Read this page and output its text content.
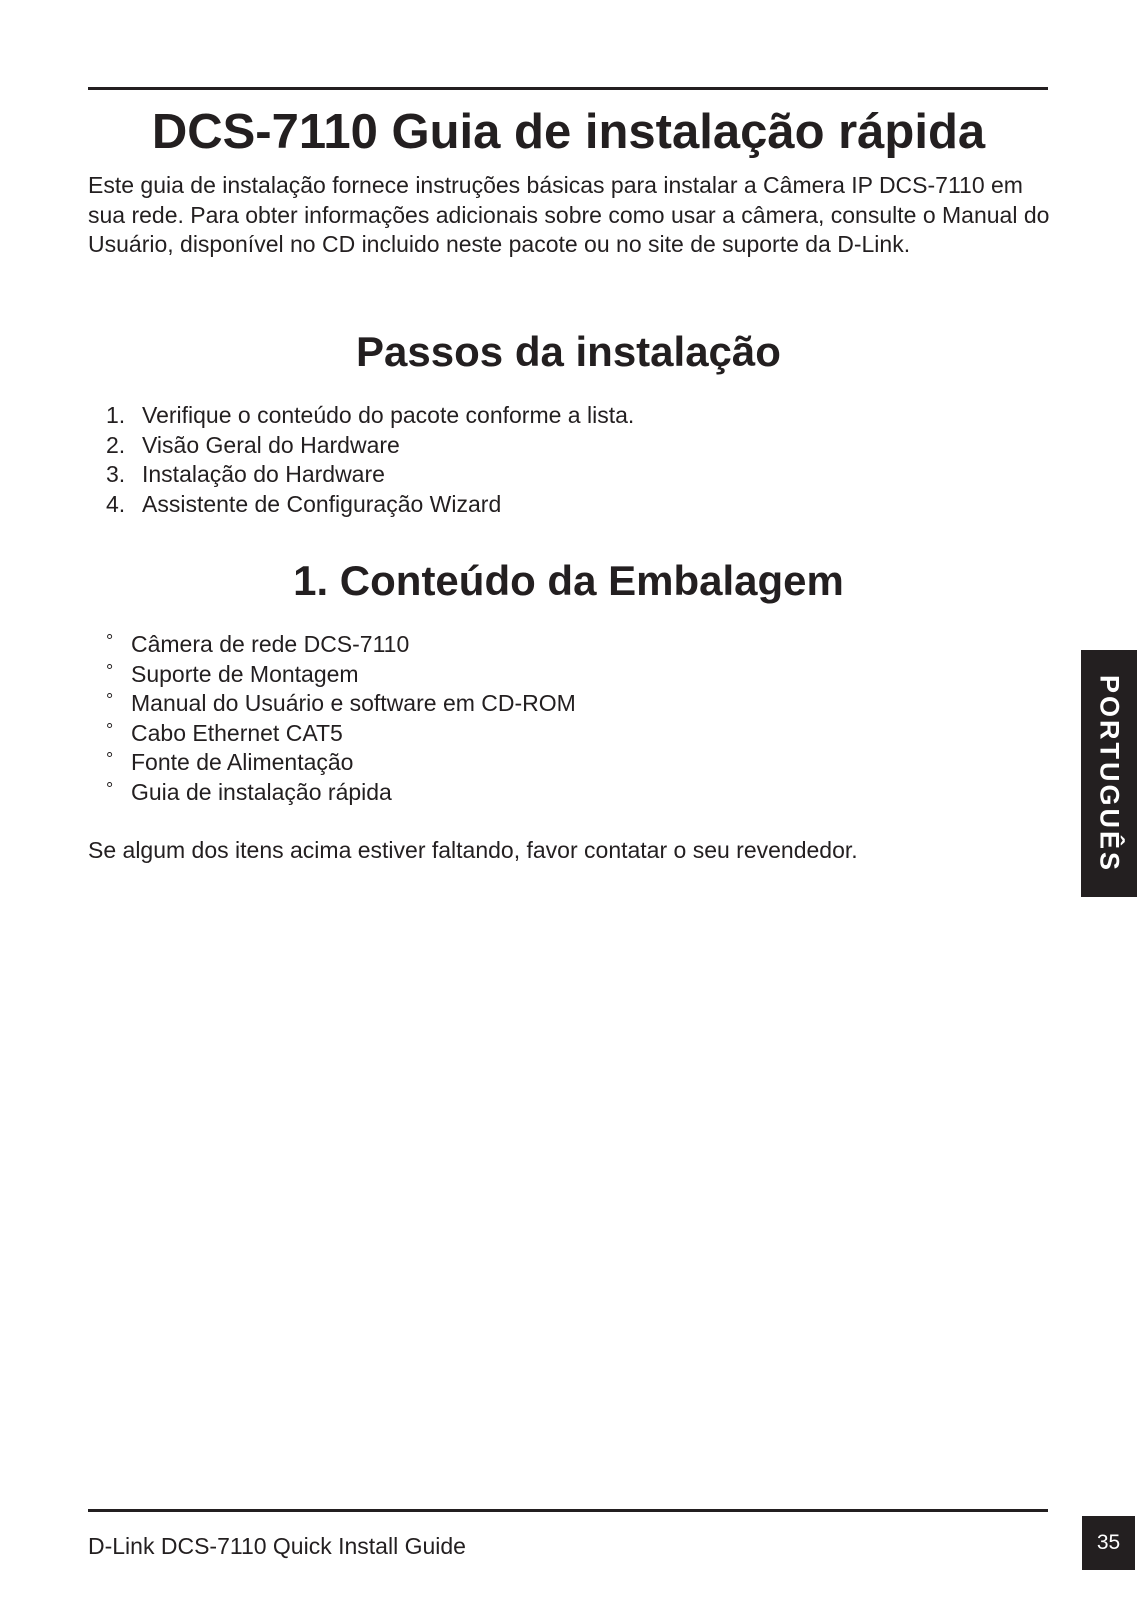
DCS-7110 Guia de instalação rápida

Este guia de instalação fornece instruções básicas para instalar a Câmera IP DCS-7110 em sua rede. Para obter informações adicionais sobre como usar a câmera, consulte o Manual do Usuário, disponível no CD incluido neste pacote ou no site de suporte da D-Link.

Passos da instalação
1. Verifique o conteúdo do pacote conforme a lista.
2. Visão Geral do Hardware
3. Instalação do Hardware
4. Assistente de Configuração Wizard
1. Conteúdo da Embalagem
° Câmera de rede DCS-7110
° Suporte de Montagem
° Manual do Usuário e software em CD-ROM
° Cabo Ethernet CAT5
° Fonte de Alimentação
° Guia de instalação rápida

Se algum dos itens acima estiver faltando, favor contatar o seu revendedor.	PORTUGUÊS

D-Link DCS-7110 Quick Install Guide	35
